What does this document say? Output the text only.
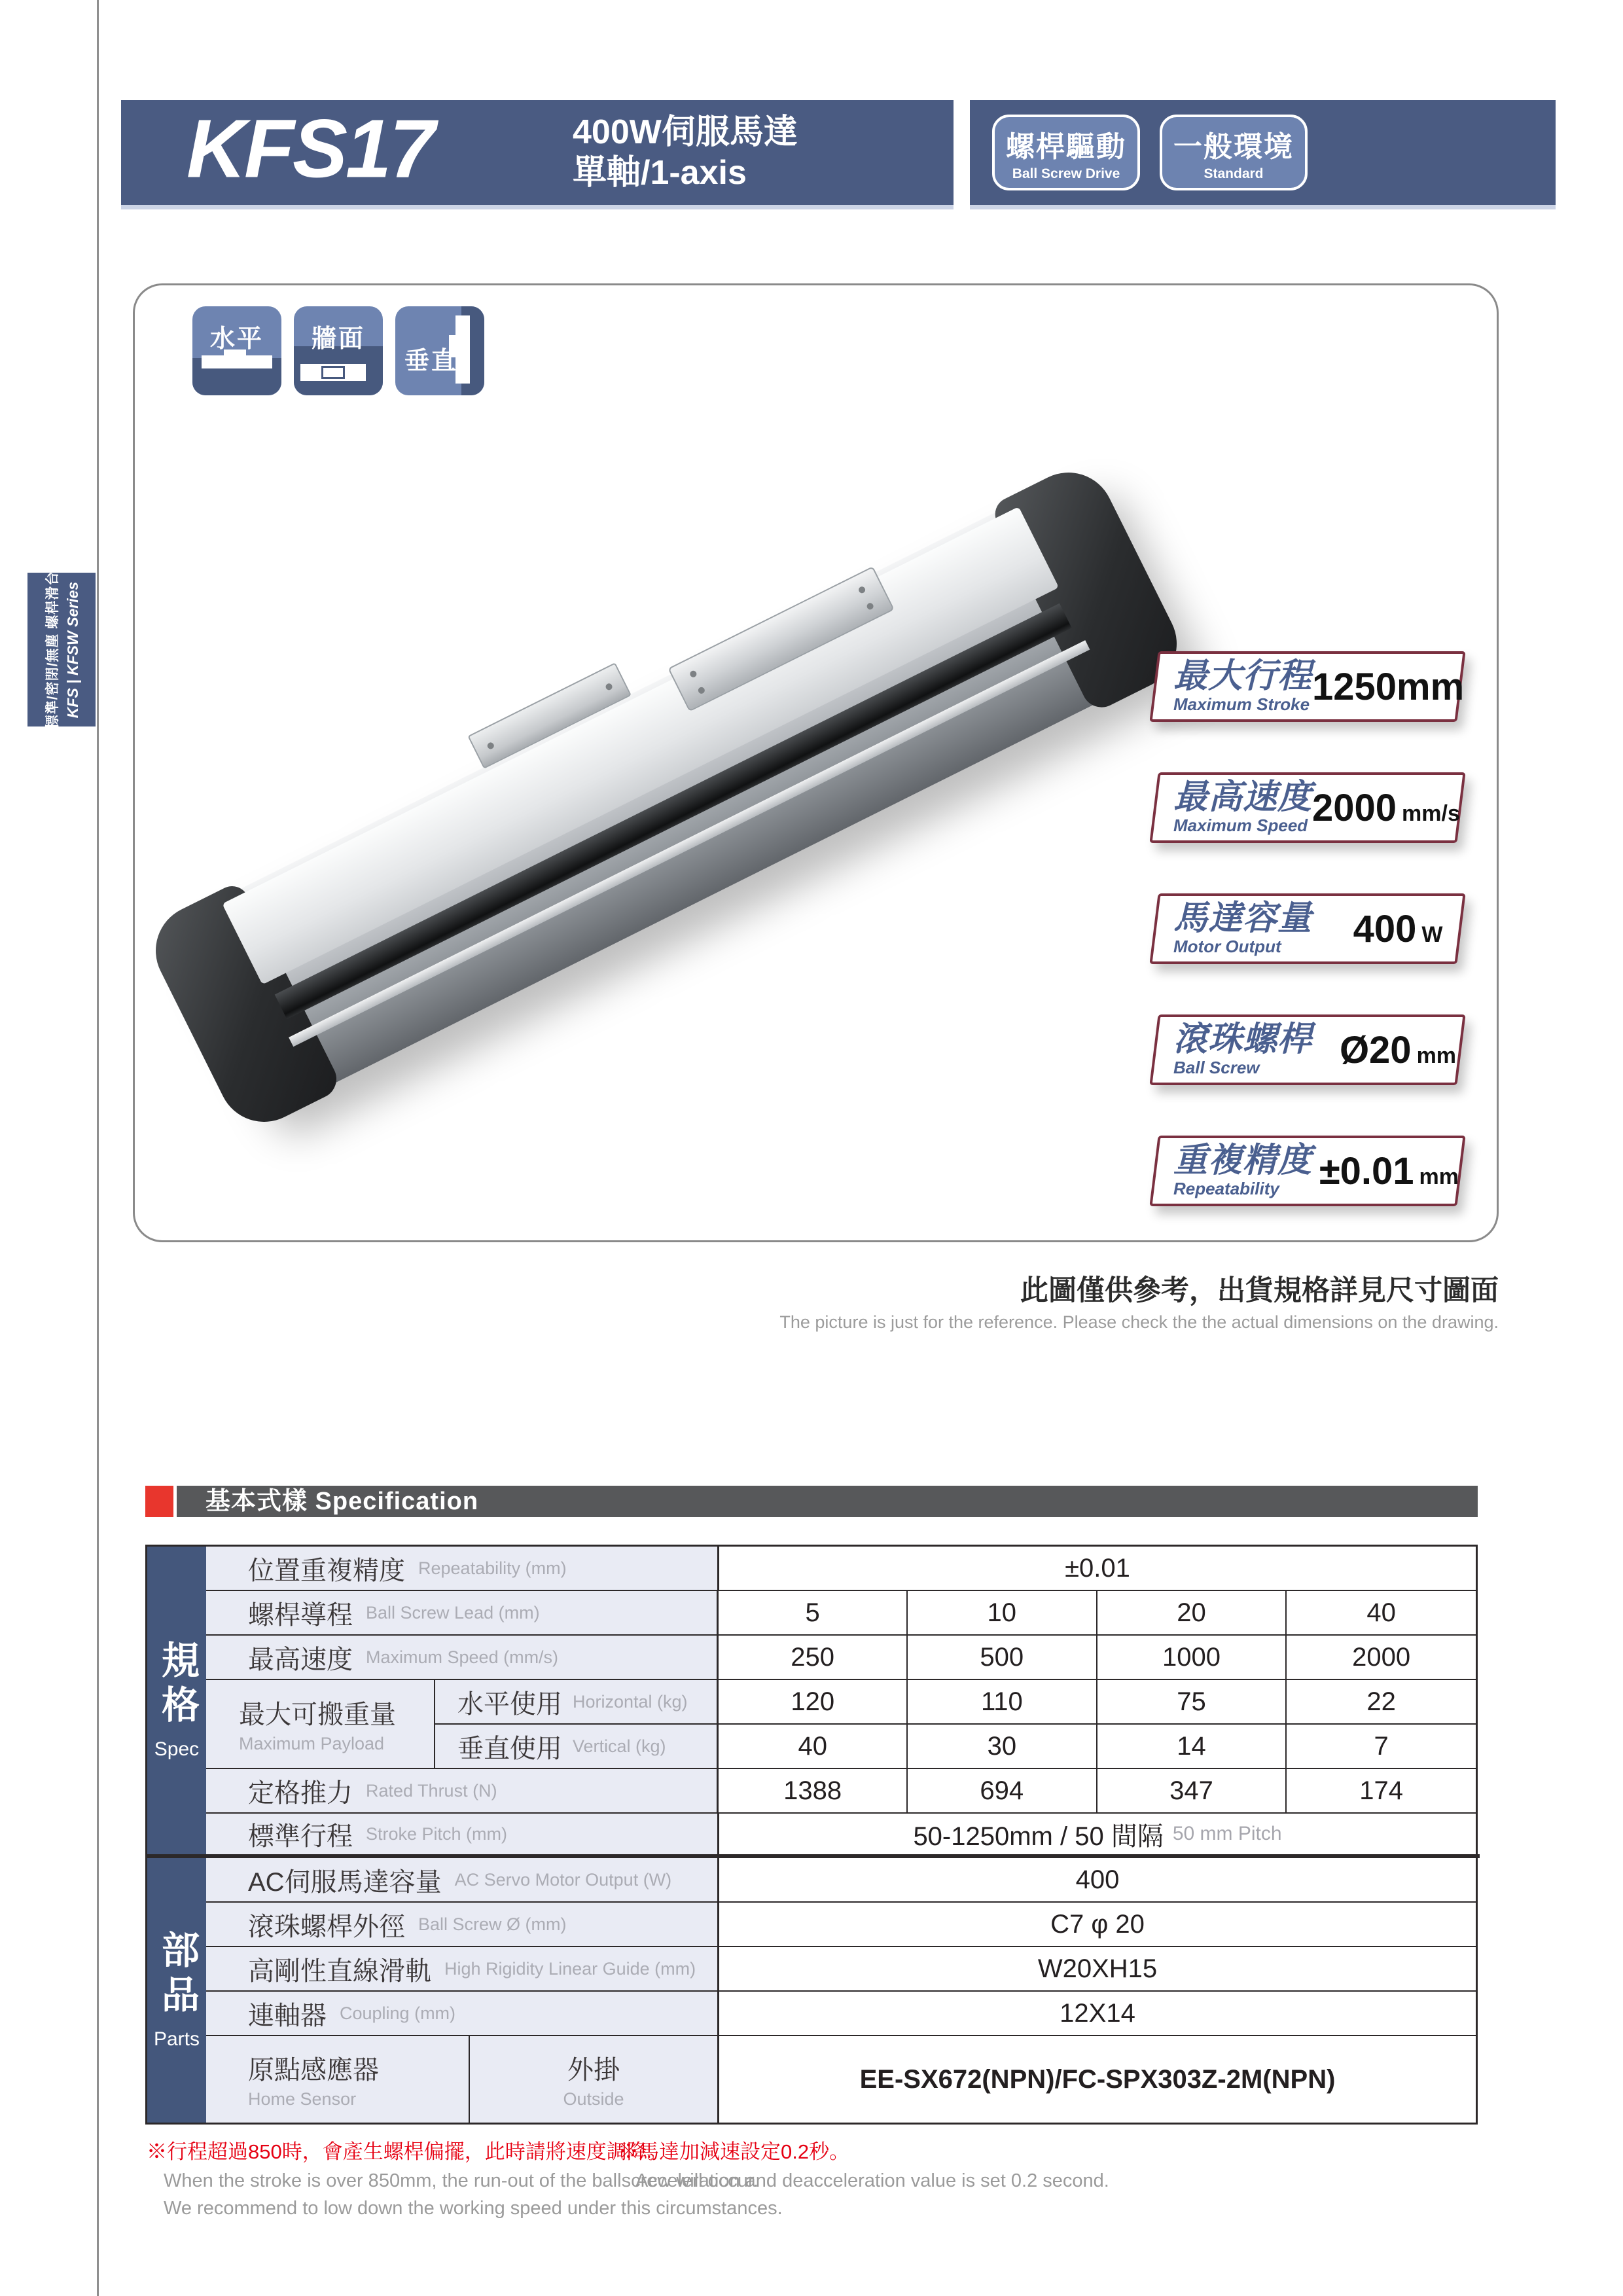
標準/密閉/無塵 螺桿滑台 KFS | KFSW Series
KFS17	400W伺服馬達
單軸/1-axis
螺桿驅動
Ball Screw Drive
一般環境
Standard
水平	牆面
垂直
最大行程
Maximum Stroke 1250mm
最高速度
Maximum Speed 2000 mm/s
馬達容量
Motor Output	400 W
滾珠螺桿
Ball Screw	Ø20 mm
重複精度
Repeatability	±0.01 mm
此圖僅供參考，出貨規格詳見尺寸圖面
The picture is just for the reference. Please check the the actual dimensions on the drawing.
基本式樣 Specification
規格
Spec
部品
Parts
位置重複精度 Repeatability (mm)	±0.01
螺桿導程 Ball Screw Lead (mm)	5	10	20	40
最高速度 Maximum Speed (mm/s)	250	500	1000	2000
最大可搬重量
Maximum Payload
水平使用 Horizontal (kg)	120	110	75	22
垂直使用 Vertical (kg)	40	30	14	7
定格推力 Rated Thrust (N)	1388	694	347	174
標準行程 Stroke Pitch (mm)	50-1250mm / 50 間隔 50 mm Pitch
AC伺服馬達容量 AC Servo Motor Output (W)	400
滾珠螺桿外徑 Ball Screw Ø (mm)	C7 φ 20
高剛性直線滑軌 High Rigidity Linear Guide (mm)	W20XH15
連軸器 Coupling (mm)	12X14
原點感應器
Home Sensor
外掛
Outside
EE-SX672(NPN)/FC-SPX303Z-2M(NPN)
※行程超過850時，會產生螺桿偏擺，此時請將速度調降。
When the stroke is over 850mm, the run-out of the ballscrew will occur.
We recommend to low down the working speed under this circumstances.
※馬達加減速設定0.2秒。
Acceleration and deacceleration value is set 0.2 second.
